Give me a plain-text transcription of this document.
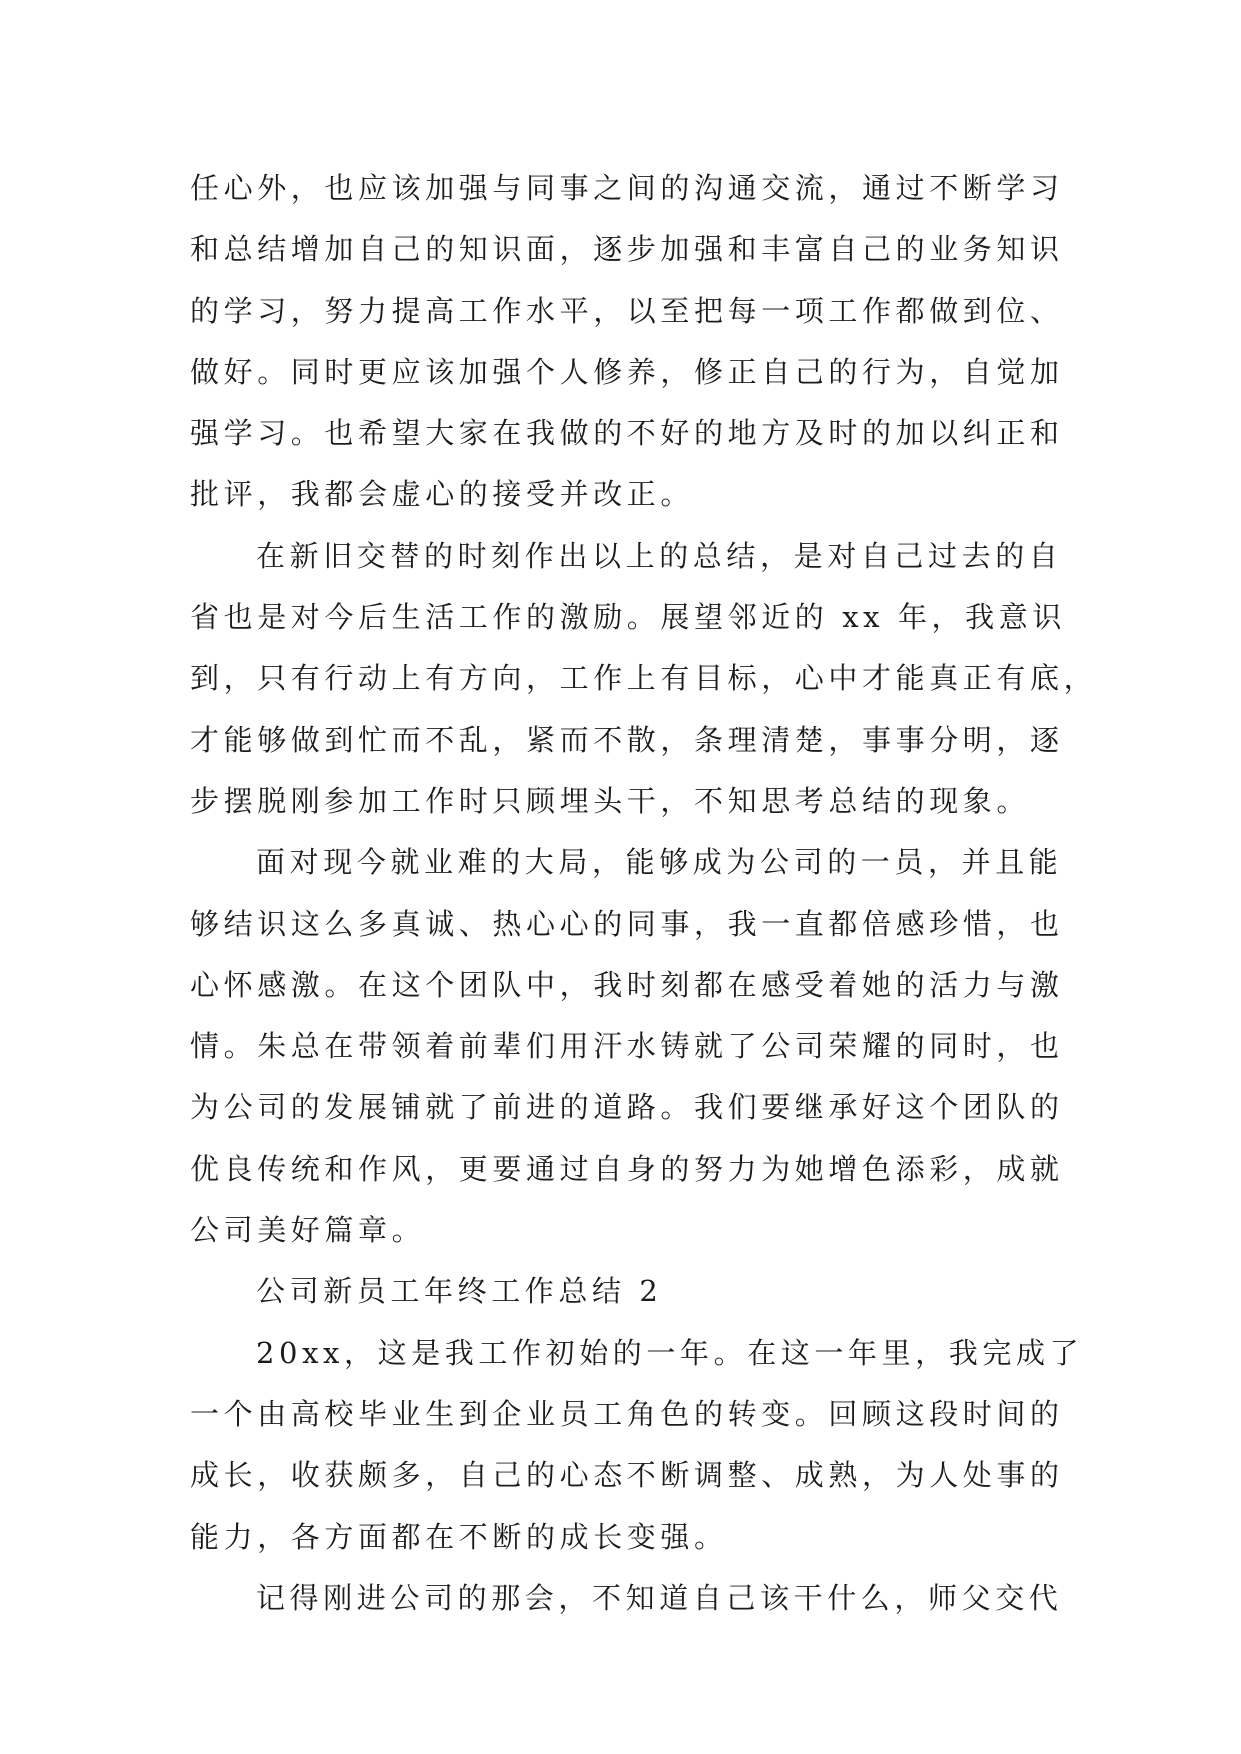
任心外，也应该加强与同事之间的沟通交流，通过不断学习
和总结增加自己的知识面，逐步加强和丰富自己的业务知识
的学习，努力提高工作水平，以至把每一项工作都做到位、
做好。同时更应该加强个人修养，修正自己的行为，自觉加
强学习。也希望大家在我做的不好的地方及时的加以纠正和
批评，我都会虚心的接受并改正。
在新旧交替的时刻作出以上的总结，是对自己过去的自
省也是对今后生活工作的激励。展望邻近的 xx 年，我意识
到，只有行动上有方向，工作上有目标，心中才能真正有底，
才能够做到忙而不乱，紧而不散，条理清楚，事事分明，逐
步摆脱刚参加工作时只顾埋头干，不知思考总结的现象。
面对现今就业难的大局，能够成为公司的一员，并且能
够结识这么多真诚、热心心的同事，我一直都倍感珍惜，也
心怀感激。在这个团队中，我时刻都在感受着她的活力与激
情。朱总在带领着前辈们用汗水铸就了公司荣耀的同时，也
为公司的发展铺就了前进的道路。我们要继承好这个团队的
优良传统和作风，更要通过自身的努力为她增色添彩，成就
公司美好篇章。
公司新员工年终工作总结 2
20xx，这是我工作初始的一年。在这一年里，我完成了
一个由高校毕业生到企业员工角色的转变。回顾这段时间的
成长，收获颇多，自己的心态不断调整、成熟，为人处事的
能力，各方面都在不断的成长变强。
记得刚进公司的那会，不知道自己该干什么，师父交代
